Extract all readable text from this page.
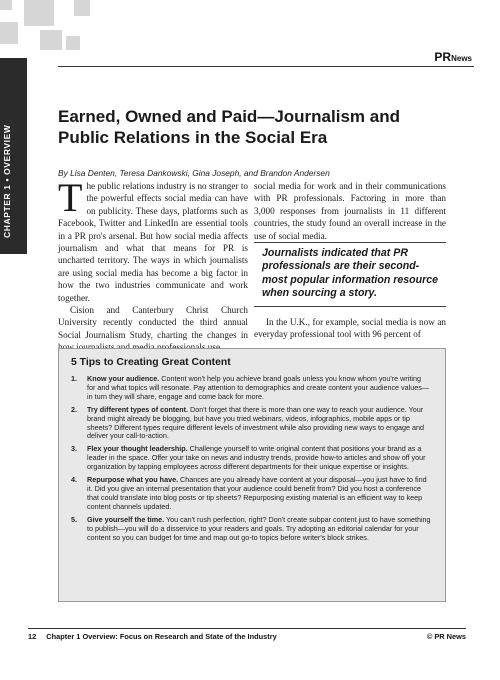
CHAPTER 1 • OVERVIEW
PRNews
Earned, Owned and Paid—Journalism and
Public Relations in the Social Era
By Lisa Denten, Teresa Dankowski, Gina Joseph, and Brandon Andersen

The public relations industry is no stranger to the powerful effects social media can have on publicity. These days, platforms such as Facebook, Twitter and LinkedIn are essential tools in a PR pro's arsenal. But how social media affects journalism and what that means for PR is uncharted territory. The ways in which journalists are using social media has become a big factor in how the two industries communicate and work together.

Cision and Canterbury Christ Church University recently conducted the third annual Social Journalism Study, charting the changes in

social media for work and in their communications with PR professionals. Factoring in more than 3,000 responses from journalists in 11 different countries, the study found an overall increase in the use of social media.

Journalists indicated that PR professionals are their second-most popular information resource when sourcing a story.

In the U.K., for example, social media is now an everyday professional tool with 96 percent of

5 Tips to Creating Great Content
1. Know your audience. Content won't help you achieve brand goals unless you know whom you're writing for and what topics will resonate. Pay attention to demographics and create content your audience values—in turn they will share, engage and come back for more.
2. Try different types of content. Don't forget that there is more than one way to reach your audience. Your brand might already be blogging, but have you tried webinars, videos, infographics, mobile apps or tip sheets? Different types require different levels of investment while also providing new ways to engage and deliver your call-to-action.
3. Flex your thought leadership. Challenge yourself to write original content that positions your brand as a leader in the space. Offer your take on news and industry trends, provide how-to articles and show off your organization by tapping employees across different departments for their unique expertise or insights.
4. Repurpose what you have. Chances are you already have content at your disposal—you just have to find it. Did you give an internal presentation that your audience could benefit from? Did you host a conference that could translate into blog posts or tip sheets? Repurposing existing material is an efficient way to keep content channels updated.
5. Give yourself the time. You can't rush perfection, right? Don't create subpar content just to have something to publish—you will do a disservice to your readers and goals. Try adopting an editorial calendar for your content so you can budget for time and map out go-to topics before writer's block strikes.
12 Chapter 1 Overview: Focus on Research and State of the Industry	© PR News
